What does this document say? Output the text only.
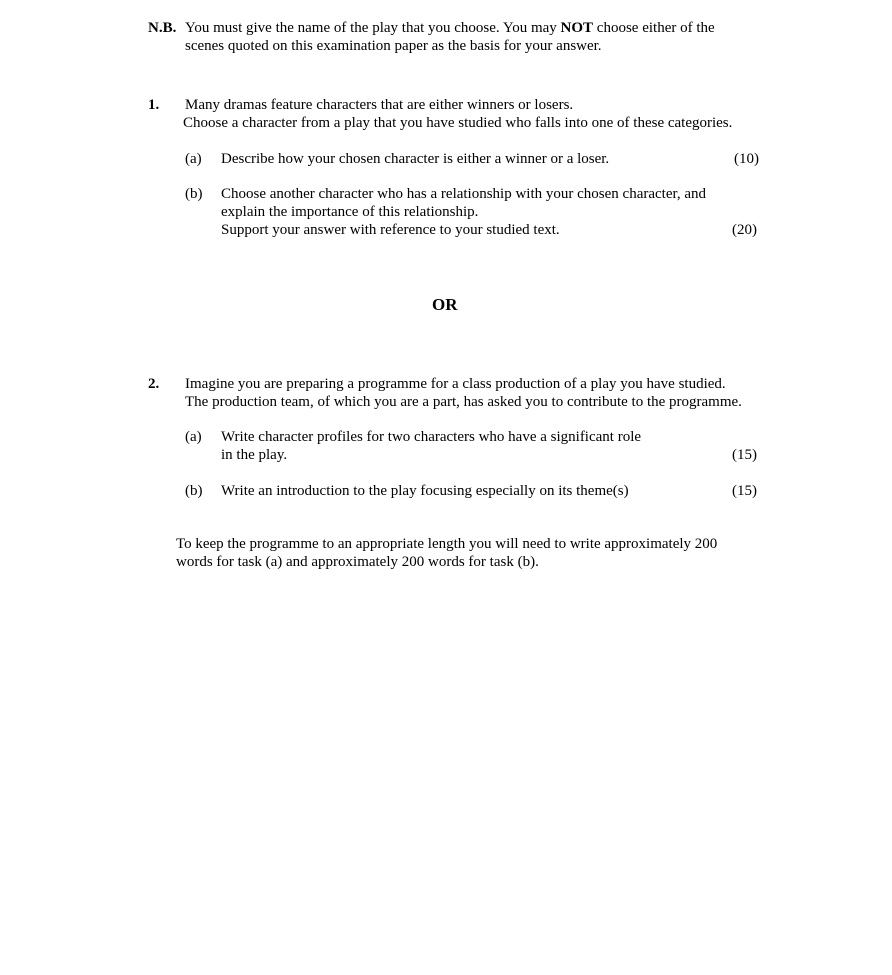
N.B. You must give the name of the play that you choose. You may NOT choose either of the
scenes quoted on this examination paper as the basis for your answer.
1. Many dramas feature characters that are either winners or losers.
Choose a character from a play that you have studied who falls into one of these categories.
(a) Describe how your chosen character is either a winner or a loser.	(10)
(b) Choose another character who has a relationship with your chosen character, and
explain the importance of this relationship.
Support your answer with reference to your studied text.	(20)
OR
2. Imagine you are preparing a programme for a class production of a play you have studied.
The production team, of which you are a part, has asked you to contribute to the programme.
(a) Write character profiles for two characters who have a significant role
in the play.	(15)
(b) Write an introduction to the play focusing especially on its theme(s)	(15)
To keep the programme to an appropriate length you will need to write approximately 200
words for task (a) and approximately 200 words for task (b).
